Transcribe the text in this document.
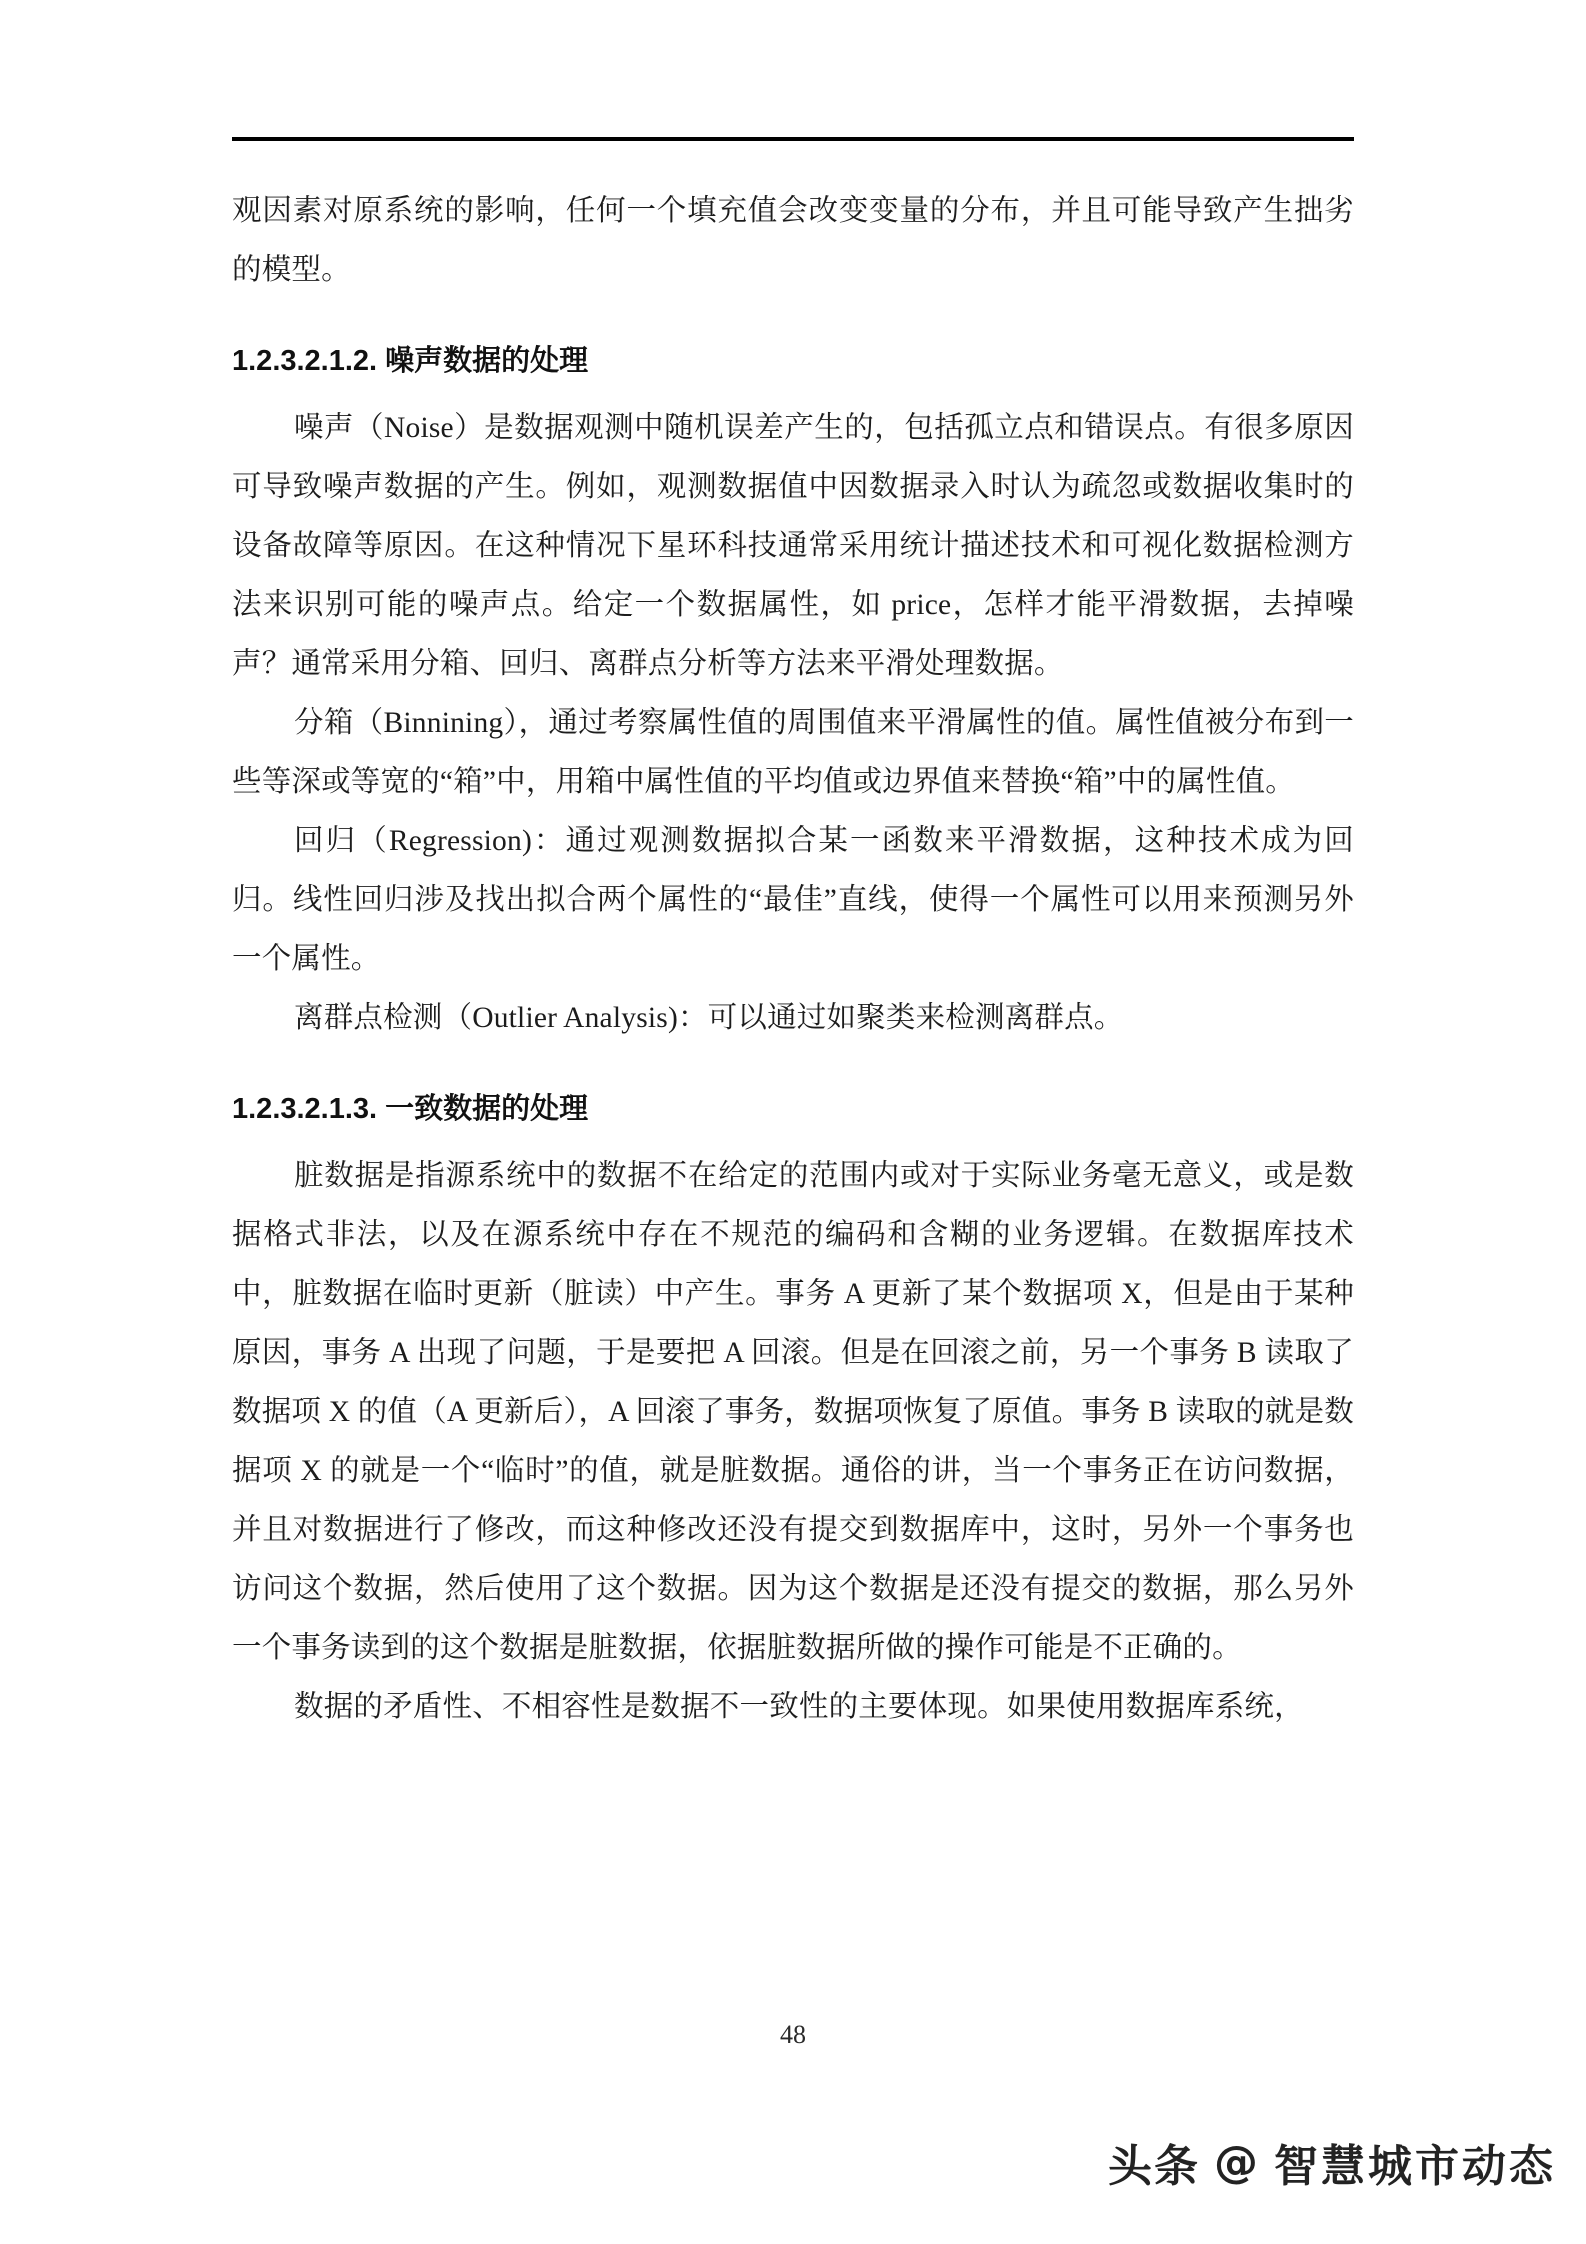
观因素对原系统的影响，任何一个填充值会改变变量的分布，并且可能导致产生拙劣的模型。

1.2.3.2.1.2. 噪声数据的处理

噪声（Noise）是数据观测中随机误差产生的，包括孤立点和错误点。有很多原因可导致噪声数据的产生。例如，观测数据值中因数据录入时认为疏忽或数据收集时的设备故障等原因。在这种情况下星环科技通常采用统计描述技术和可视化数据检测方法来识别可能的噪声点。给定一个数据属性，如 price，怎样才能平滑数据，去掉噪声？通常采用分箱、回归、离群点分析等方法来平滑处理数据。

分箱（Binnining），通过考察属性值的周围值来平滑属性的值。属性值被分布到一些等深或等宽的“箱”中，用箱中属性值的平均值或边界值来替换“箱”中的属性值。

回归（Regression)：通过观测数据拟合某一函数来平滑数据，这种技术成为回归。线性回归涉及找出拟合两个属性的“最佳”直线，使得一个属性可以用来预测另外一个属性。

离群点检测（Outlier Analysis)：可以通过如聚类来检测离群点。

1.2.3.2.1.3. 一致数据的处理

脏数据是指源系统中的数据不在给定的范围内或对于实际业务毫无意义，或是数据格式非法，以及在源系统中存在不规范的编码和含糊的业务逻辑。在数据库技术中，脏数据在临时更新（脏读）中产生。事务 A 更新了某个数据项 X，但是由于某种原因，事务 A 出现了问题，于是要把 A 回滚。但是在回滚之前，另一个事务 B 读取了数据项 X 的值（A 更新后），A 回滚了事务，数据项恢复了原值。事务 B 读取的就是数据项 X 的就是一个“临时”的值，就是脏数据。通俗的讲，当一个事务正在访问数据，并且对数据进行了修改，而这种修改还没有提交到数据库中，这时，另外一个事务也访问这个数据，然后使用了这个数据。因为这个数据是还没有提交的数据，那么另外一个事务读到的这个数据是脏数据，依据脏数据所做的操作可能是不正确的。

数据的矛盾性、不相容性是数据不一致性的主要体现。如果使用数据库系统，

48
头条 @ 智慧城市动态
